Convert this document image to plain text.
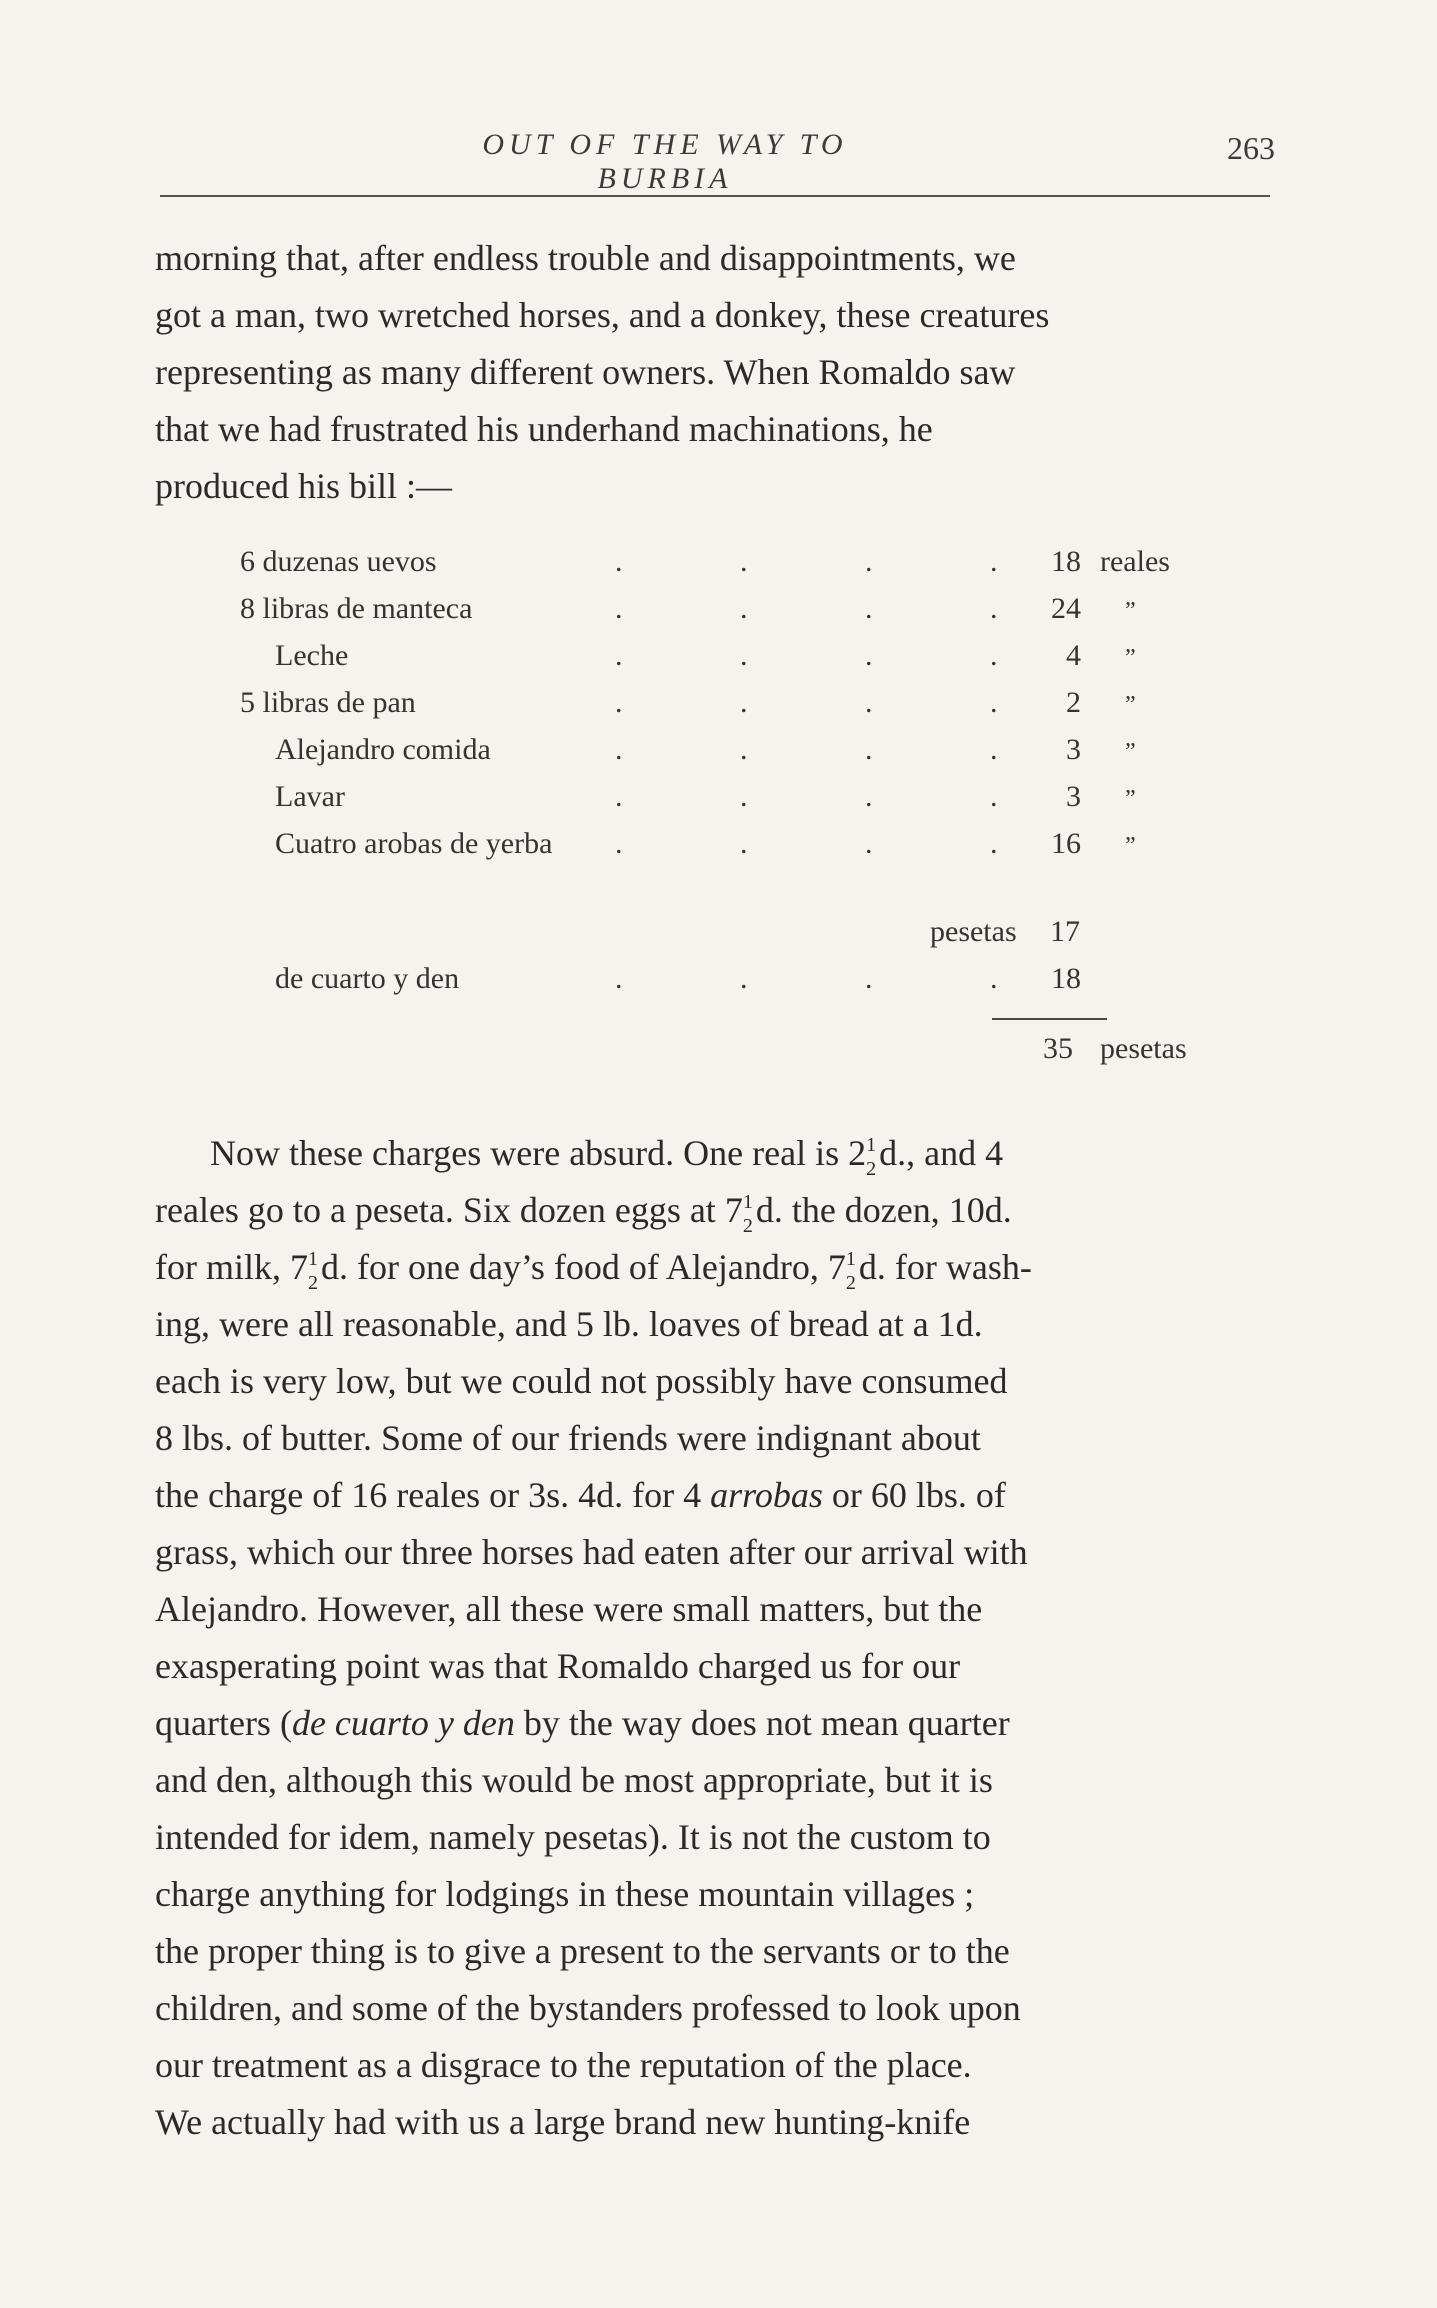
OUT OF THE WAY TO BURBIA
263
morning that, after endless trouble and disappointments, we
got a man, two wretched horses, and a donkey, these creatures
representing as many different owners. When Romaldo saw
that we had frustrated his underhand machinations, he
produced his bill :—
6 duzenas uevos	.	.	.	.	18 reales
8 libras de manteca	.	.	.	.	24 ”
Leche	.	.	.	.	4 ”
5 libras de pan	.	.	.	.	2 ”
Alejandro comida	.	.	.	.	3 ”
Lavar	.	.	.	.	3 ”
Cuatro arobas de yerba .	.	.	.	16 ”
pesetas 17
de cuarto y den	.	.	.	.	18
35 pesetas
Now these charges were absurd. One real is 2 1
2 d., and 4
reales go to a peseta. Six dozen eggs at 7 1
2 d. the dozen, 10d.
for milk, 7 1
2 d. for one day’s food of Alejandro, 7 1
2 d. for wash-
ing, were all reasonable, and 5 lb. loaves of bread at a 1d.
each is very low, but we could not possibly have consumed
8 lbs. of butter. Some of our friends were indignant about
the charge of 16 reales or 3s. 4d. for 4 arrobas or 60 lbs. of
grass, which our three horses had eaten after our arrival with
Alejandro. However, all these were small matters, but the
exasperating point was that Romaldo charged us for our
quarters (de cuarto y den by the way does not mean quarter
and den, although this would be most appropriate, but it is
intended for idem, namely pesetas). It is not the custom to
charge anything for lodgings in these mountain villages ;
the proper thing is to give a present to the servants or to the
children, and some of the bystanders professed to look upon
our treatment as a disgrace to the reputation of the place.
We actually had with us a large brand new hunting-knife
